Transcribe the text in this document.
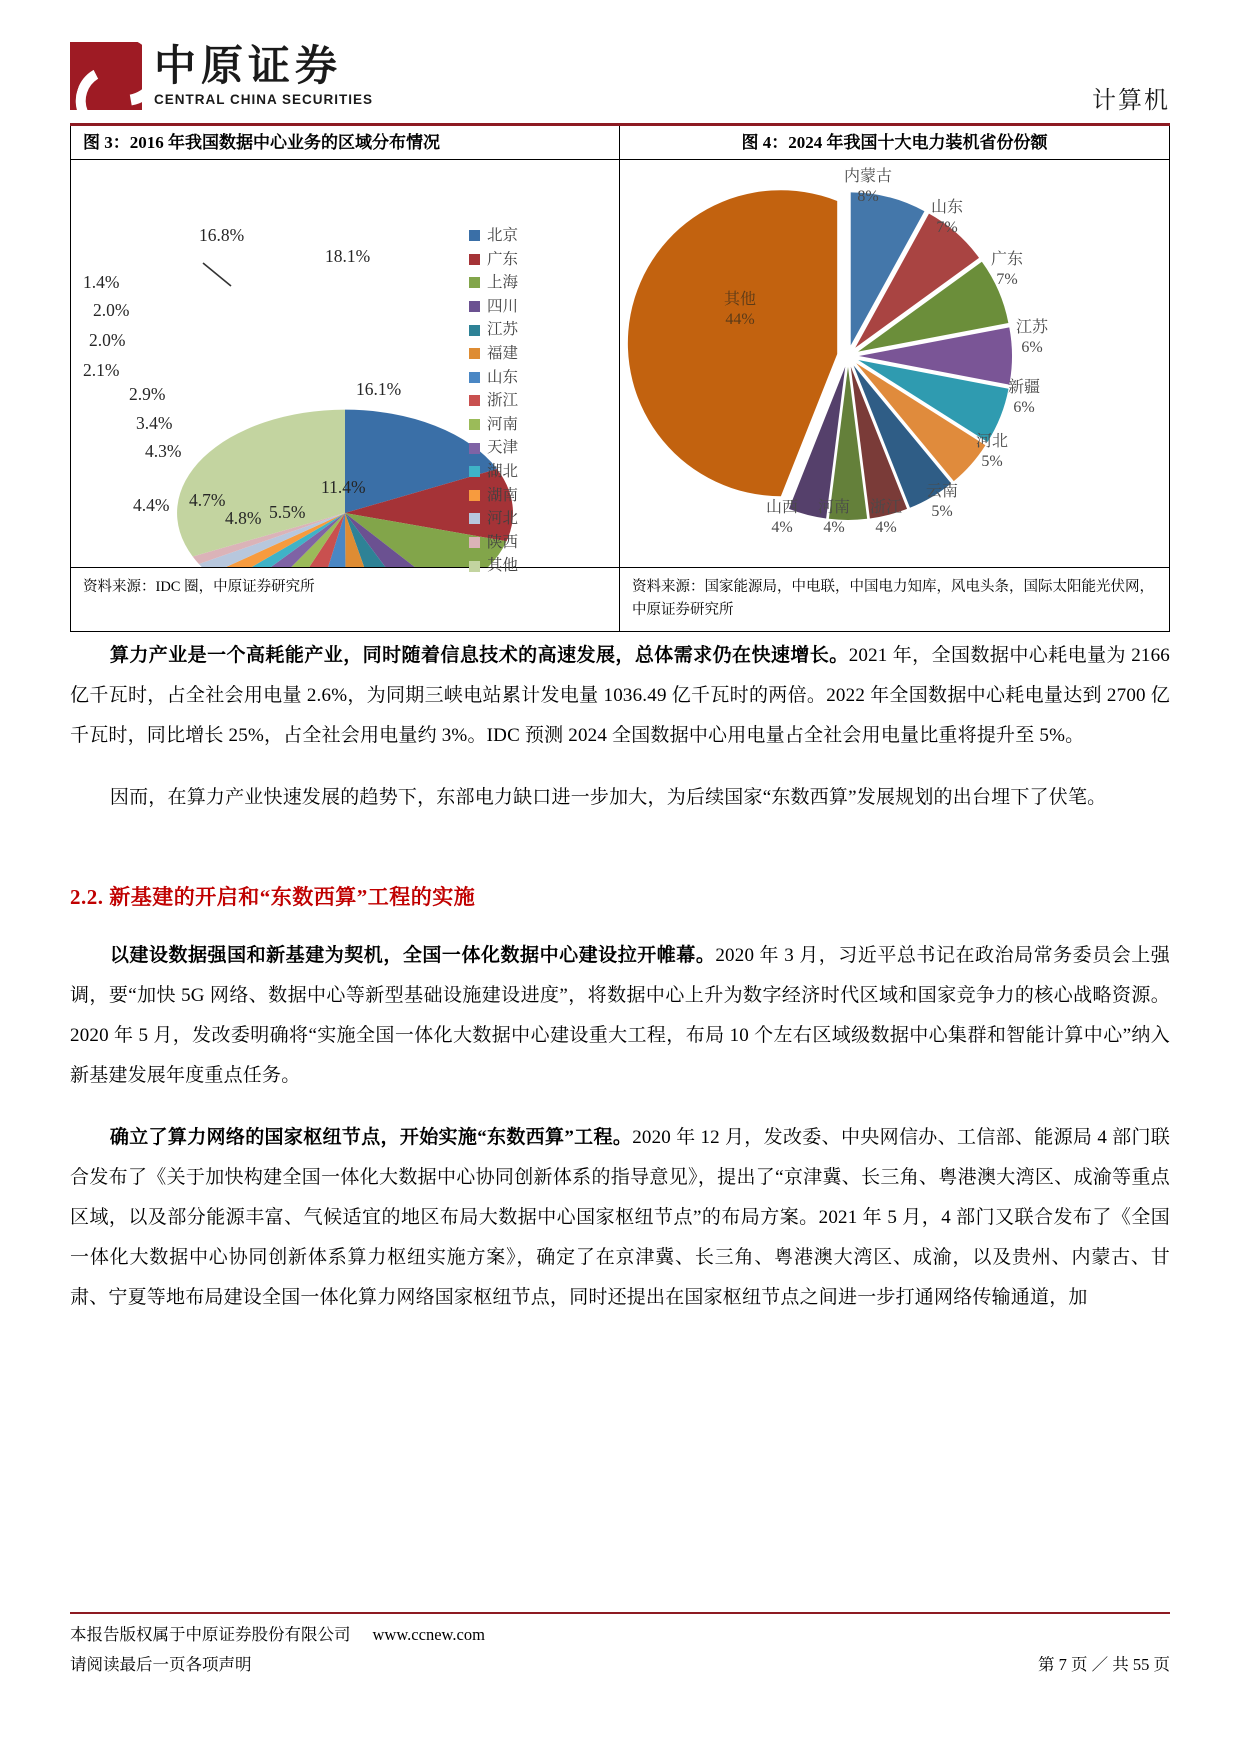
中原证券
CENTRAL CHINA SECURITIES	计算机
图 3：2016 年我国数据中心业务的区域分布情况
18.1%
16.1%
11.4%
5.5%
4.8%
4.7%
4.4%
4.3%
3.4%
2.9%
2.1%
2.0%
2.0%
1.4%
16.8%	北京
广东
上海
四川
江苏
福建
山东
浙江
河南
天津
湖北
湖南
河北
陕西
其他
资料来源：IDC 圈，中原证券研究所
图 4：2024 年我国十大电力装机省份份额
内蒙古
8%
山东
7%
广东
7%
江苏
6%
新疆
6%
河北
5%
云南
5%
浙江
4%
河南
4%
山西
4%
其他
44%
资料来源：国家能源局，中电联，中国电力知库，风电头条，国际太阳能光伏网，中原证券研究所

算力产业是一个高耗能产业，同时随着信息技术的高速发展，总体需求仍在快速增长。2021 年，全国数据中心耗电量为 2166 亿千瓦时，占全社会用电量 2.6%，为同期三峡电站累计发电量 1036.49 亿千瓦时的两倍。2022 年全国数据中心耗电量达到 2700 亿千瓦时，同比增长 25%，占全社会用电量约 3%。IDC 预测 2024 全国数据中心用电量占全社会用电量比重将提升至 5%。

因而，在算力产业快速发展的趋势下，东部电力缺口进一步加大，为后续国家“东数西算”发展规划的出台埋下了伏笔。

2.2. 新基建的开启和“东数西算”工程的实施

以建设数据强国和新基建为契机，全国一体化数据中心建设拉开帷幕。2020 年 3 月，习近平总书记在政治局常务委员会上强调，要“加快 5G 网络、数据中心等新型基础设施建设进度”，将数据中心上升为数字经济时代区域和国家竞争力的核心战略资源。2020 年 5 月，发改委明确将“实施全国一体化大数据中心建设重大工程，布局 10 个左右区域级数据中心集群和智能计算中心”纳入新基建发展年度重点任务。

确立了算力网络的国家枢纽节点，开始实施“东数西算”工程。2020 年 12 月，发改委、中央网信办、工信部、能源局 4 部门联合发布了《关于加快构建全国一体化大数据中心协同创新体系的指导意见》，提出了“京津冀、长三角、粤港澳大湾区、成渝等重点区域，以及部分能源丰富、气候适宜的地区布局大数据中心国家枢纽节点”的布局方案。2021 年 5 月，4 部门又联合发布了《全国一体化大数据中心协同创新体系算力枢纽实施方案》，确定了在京津冀、长三角、粤港澳大湾区、成渝，以及贵州、内蒙古、甘肃、宁夏等地布局建设全国一体化算力网络国家枢纽节点，同时还提出在国家枢纽节点之间进一步打通网络传输通道，加

本报告版权属于中原证券股份有限公司 www.ccnew.com
请阅读最后一页各项声明	第 7 页 ／ 共 55 页
